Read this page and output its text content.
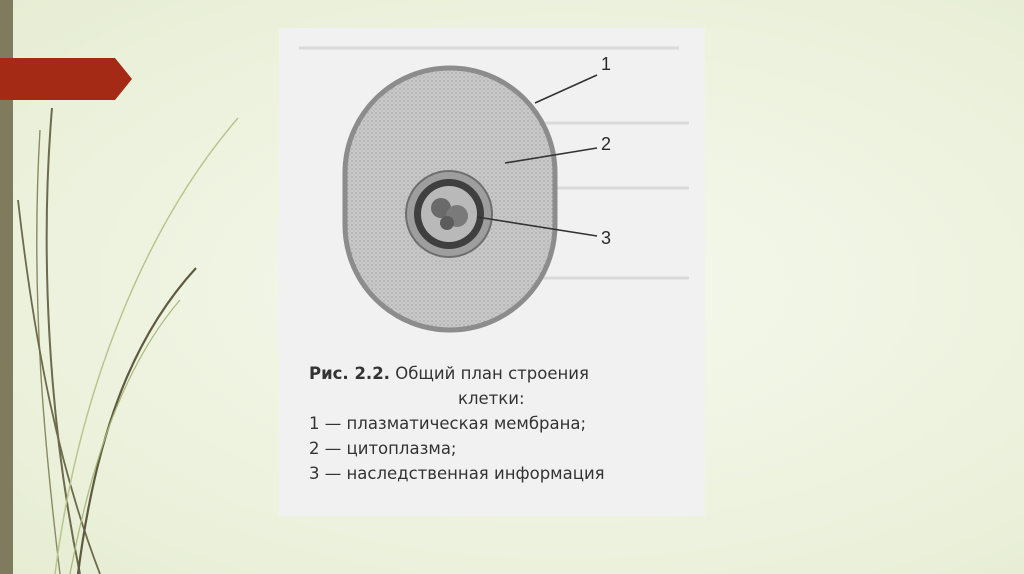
1
2
3
Рис. 2.2. Общий план строения
клетки:
1 — плазматическая мембрана;
2 — цитоплазма;
3 — наследственная информация
